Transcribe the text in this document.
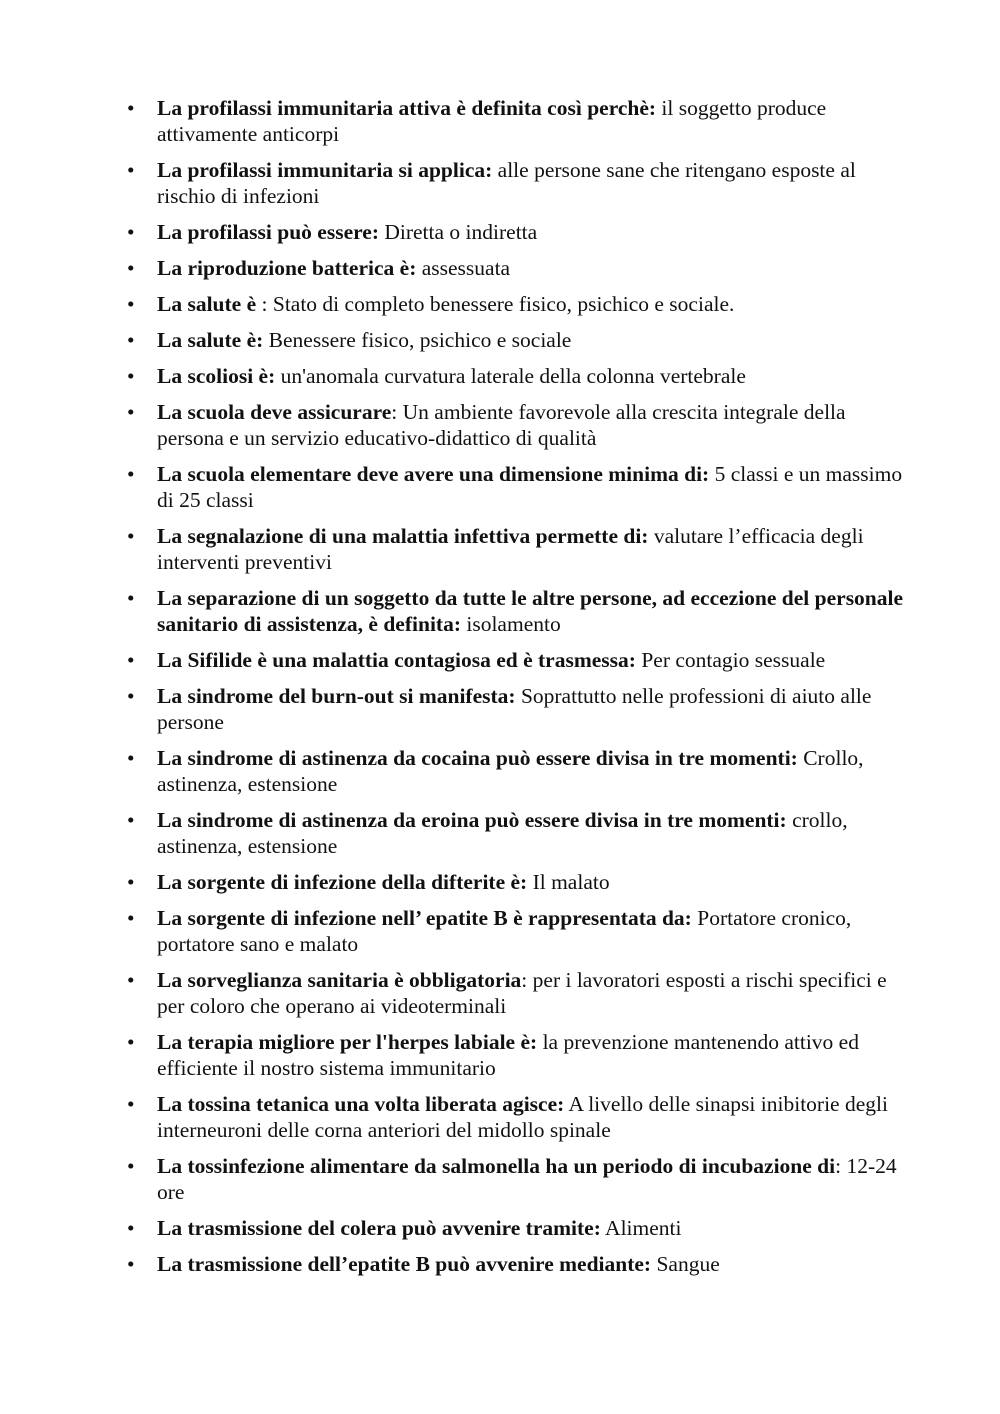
• La profilassi immunitaria attiva è definita così perchè: il soggetto produce attivamente anticorpi
• La profilassi immunitaria si applica: alle persone sane che ritengano esposte al rischio di infezioni
• La profilassi può essere: Diretta o indiretta
• La riproduzione batterica è: assessuata
• La salute è : Stato di completo benessere fisico, psichico e sociale.
• La salute è: Benessere fisico, psichico e sociale
• La scoliosi è: un'anomala curvatura laterale della colonna vertebrale
• La scuola deve assicurare: Un ambiente favorevole alla crescita integrale della persona e un servizio educativo-didattico di qualità
• La scuola elementare deve avere una dimensione minima di: 5 classi e un massimo di 25 classi
• La segnalazione di una malattia infettiva permette di: valutare l’efficacia degli interventi preventivi
• La separazione di un soggetto da tutte le altre persone, ad eccezione del personale sanitario di assistenza, è definita: isolamento
• La Sifilide è una malattia contagiosa ed è trasmessa: Per contagio sessuale
• La sindrome del burn-out si manifesta: Soprattutto nelle professioni di aiuto alle persone
• La sindrome di astinenza da cocaina può essere divisa in tre momenti: Crollo, astinenza, estensione
• La sindrome di astinenza da eroina può essere divisa in tre momenti: crollo, astinenza, estensione
• La sorgente di infezione della difterite è: Il malato
• La sorgente di infezione nell’ epatite B è rappresentata da: Portatore cronico, portatore sano e malato
• La sorveglianza sanitaria è obbligatoria: per i lavoratori esposti a rischi specifici e per coloro che operano ai videoterminali
• La terapia migliore per l'herpes labiale è: la prevenzione mantenendo attivo ed efficiente il nostro sistema immunitario
• La tossina tetanica una volta liberata agisce: A livello delle sinapsi inibitorie degli interneuroni delle corna anteriori del midollo spinale
• La tossinfezione alimentare da salmonella ha un periodo di incubazione di: 12-24 ore
• La trasmissione del colera può avvenire tramite: Alimenti
• La trasmissione dell’epatite B può avvenire mediante: Sangue
